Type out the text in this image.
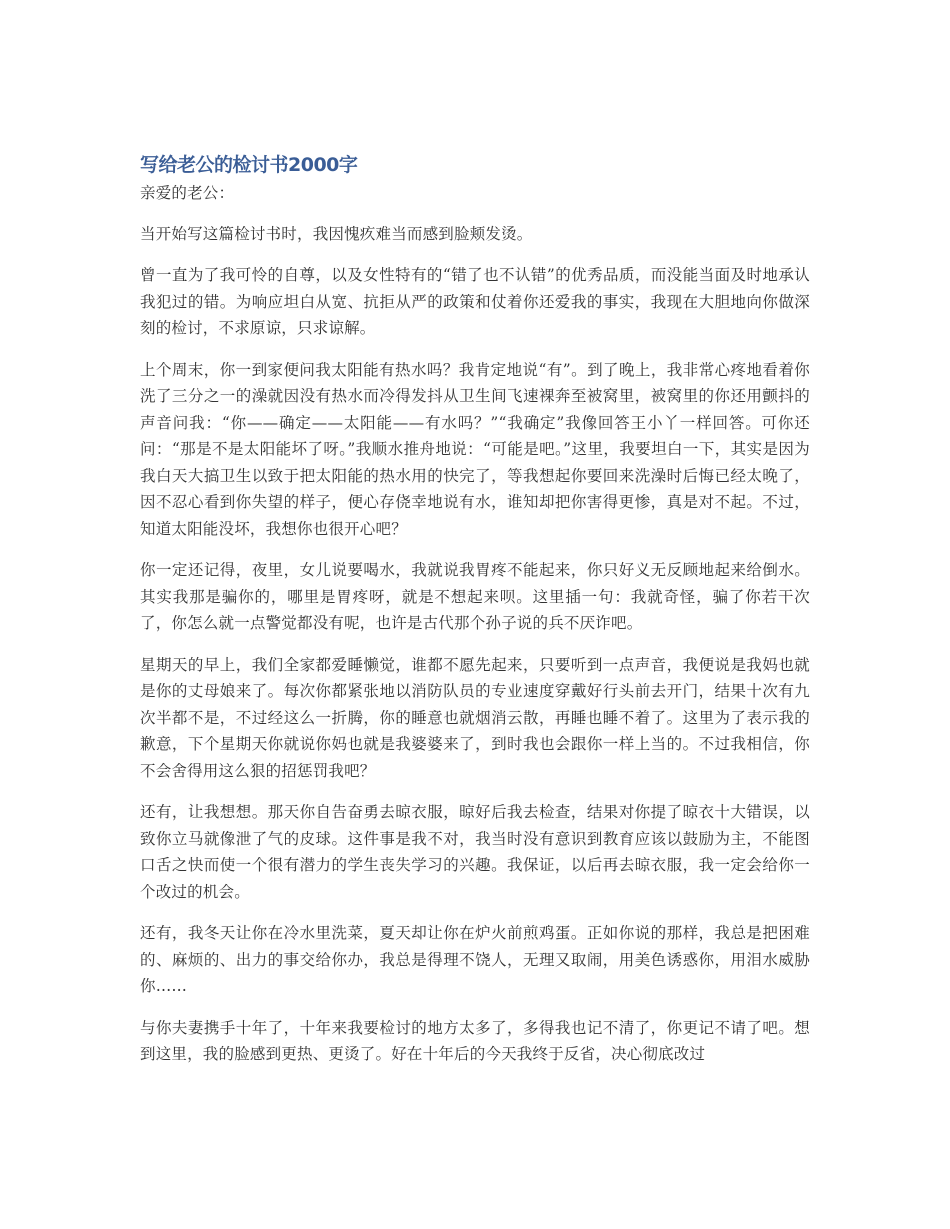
写给老公的检讨书2000字

亲爱的老公：

当开始写这篇检讨书时，我因愧疚难当而感到脸颊发烫。

曾一直为了我可怜的自尊，以及女性特有的“错了也不认错”的优秀品质，而没能当面及时地承认我犯过的错。为响应坦白从宽、抗拒从严的政策和仗着你还爱我的事实，我现在大胆地向你做深刻的检讨，不求原谅，只求谅解。

上个周末，你一到家便问我太阳能有热水吗？我肯定地说“有”。到了晚上，我非常心疼地看着你洗了三分之一的澡就因没有热水而冷得发抖从卫生间飞速裸奔至被窝里，被窝里的你还用颤抖的声音问我：“你——确定——太阳能——有水吗？”“我确定”我像回答王小丫一样回答。可你还问：“那是不是太阳能坏了呀。”我顺水推舟地说：“可能是吧。”这里，我要坦白一下，其实是因为我白天大搞卫生以致于把太阳能的热水用的快完了，等我想起你要回来洗澡时后悔已经太晚了，因不忍心看到你失望的样子，便心存侥幸地说有水，谁知却把你害得更惨，真是对不起。不过，知道太阳能没坏，我想你也很开心吧？

你一定还记得，夜里，女儿说要喝水，我就说我胃疼不能起来，你只好义无反顾地起来给倒水。其实我那是骗你的，哪里是胃疼呀，就是不想起来呗。这里插一句：我就奇怪，骗了你若干次了，你怎么就一点警觉都没有呢，也许是古代那个孙子说的兵不厌诈吧。

星期天的早上，我们全家都爱睡懒觉，谁都不愿先起来，只要听到一点声音，我便说是我妈也就是你的丈母娘来了。每次你都紧张地以消防队员的专业速度穿戴好行头前去开门，结果十次有九次半都不是，不过经这么一折腾，你的睡意也就烟消云散，再睡也睡不着了。这里为了表示我的歉意，下个星期天你就说你妈也就是我婆婆来了，到时我也会跟你一样上当的。不过我相信，你不会舍得用这么狠的招惩罚我吧？

还有，让我想想。那天你自告奋勇去晾衣服，晾好后我去检查，结果对你提了晾衣十大错误，以致你立马就像泄了气的皮球。这件事是我不对，我当时没有意识到教育应该以鼓励为主，不能图口舌之快而使一个很有潜力的学生丧失学习的兴趣。我保证，以后再去晾衣服，我一定会给你一个改过的机会。

还有，我冬天让你在冷水里洗菜，夏天却让你在炉火前煎鸡蛋。正如你说的那样，我总是把困难的、麻烦的、出力的事交给你办，我总是得理不饶人，无理又取闹，用美色诱惑你，用泪水威胁你……

与你夫妻携手十年了，十年来我要检讨的地方太多了，多得我也记不清了，你更记不请了吧。想到这里，我的脸感到更热、更烫了。好在十年后的今天我终于反省，决心彻底改过
